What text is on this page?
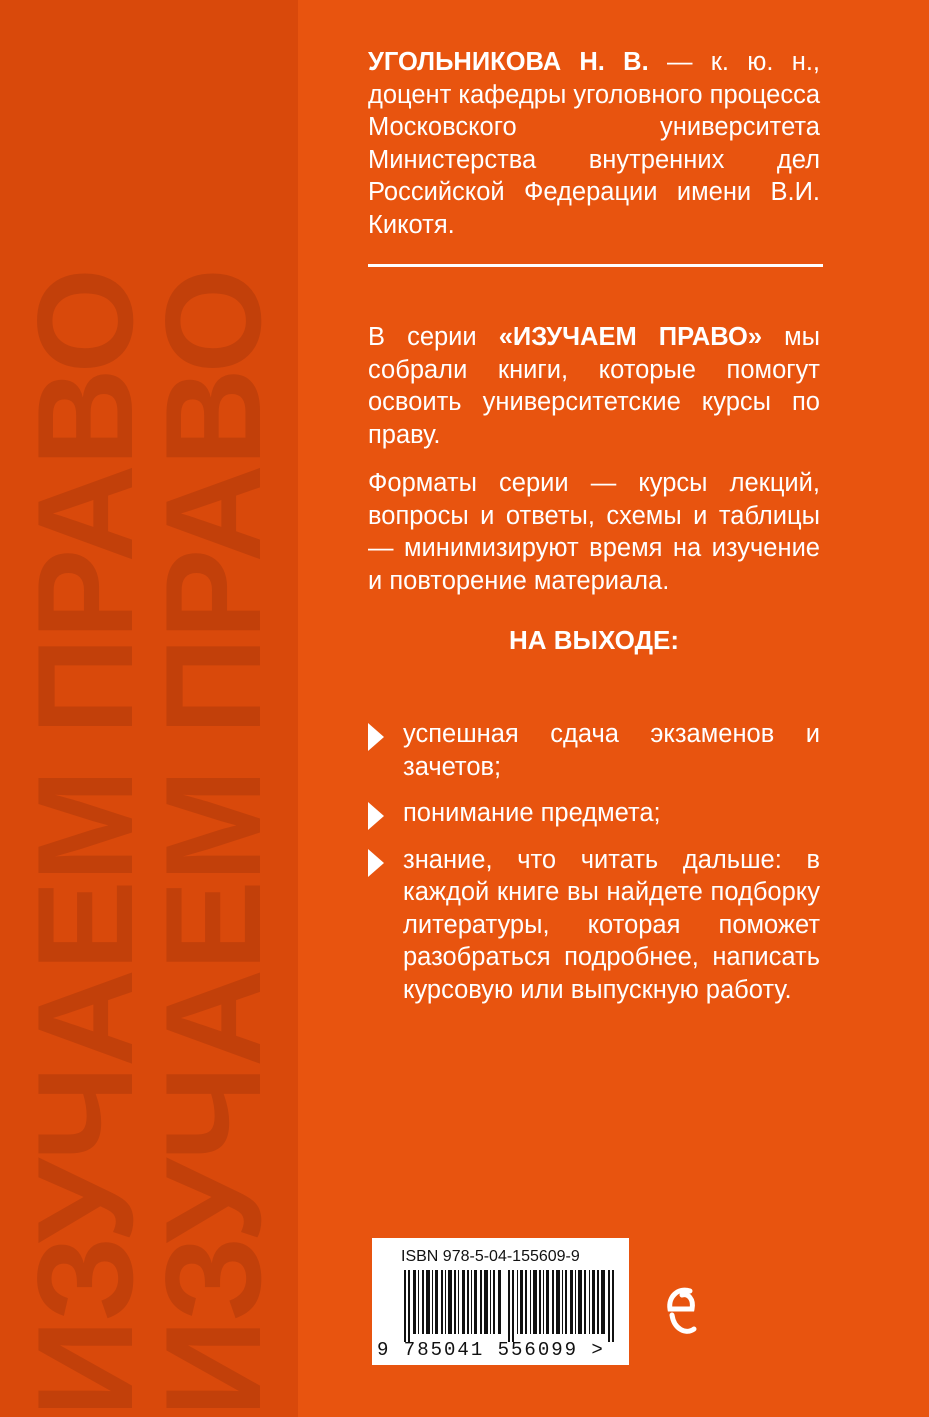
ИЗУЧАЕМ ПРАВО
ИЗУЧАЕМ ПРАВО

УГОЛЬНИКОВА Н. В. — к. ю. н., доцент кафедры уголовного процесса Московского университета Министерства внутренних дел Российской Федерации имени В.И. Кикотя.

В серии «ИЗУЧАЕМ ПРАВО» мы собрали книги, которые помогут освоить университетские курсы по праву.

Форматы серии — курсы лекций, вопросы и ответы, схемы и таблицы — минимизируют время на изучение и повторение материала.

НА ВЫХОДЕ:
успешная сдача экзаменов и зачетов;
понимание предмета;
знание, что читать дальше: в каждой книге вы найдете подборку литературы, которая поможет разобраться подробнее, написать курсовую или выпускную работу.
ISBN 978-5-04-155609-9
9 785041 556099 >
